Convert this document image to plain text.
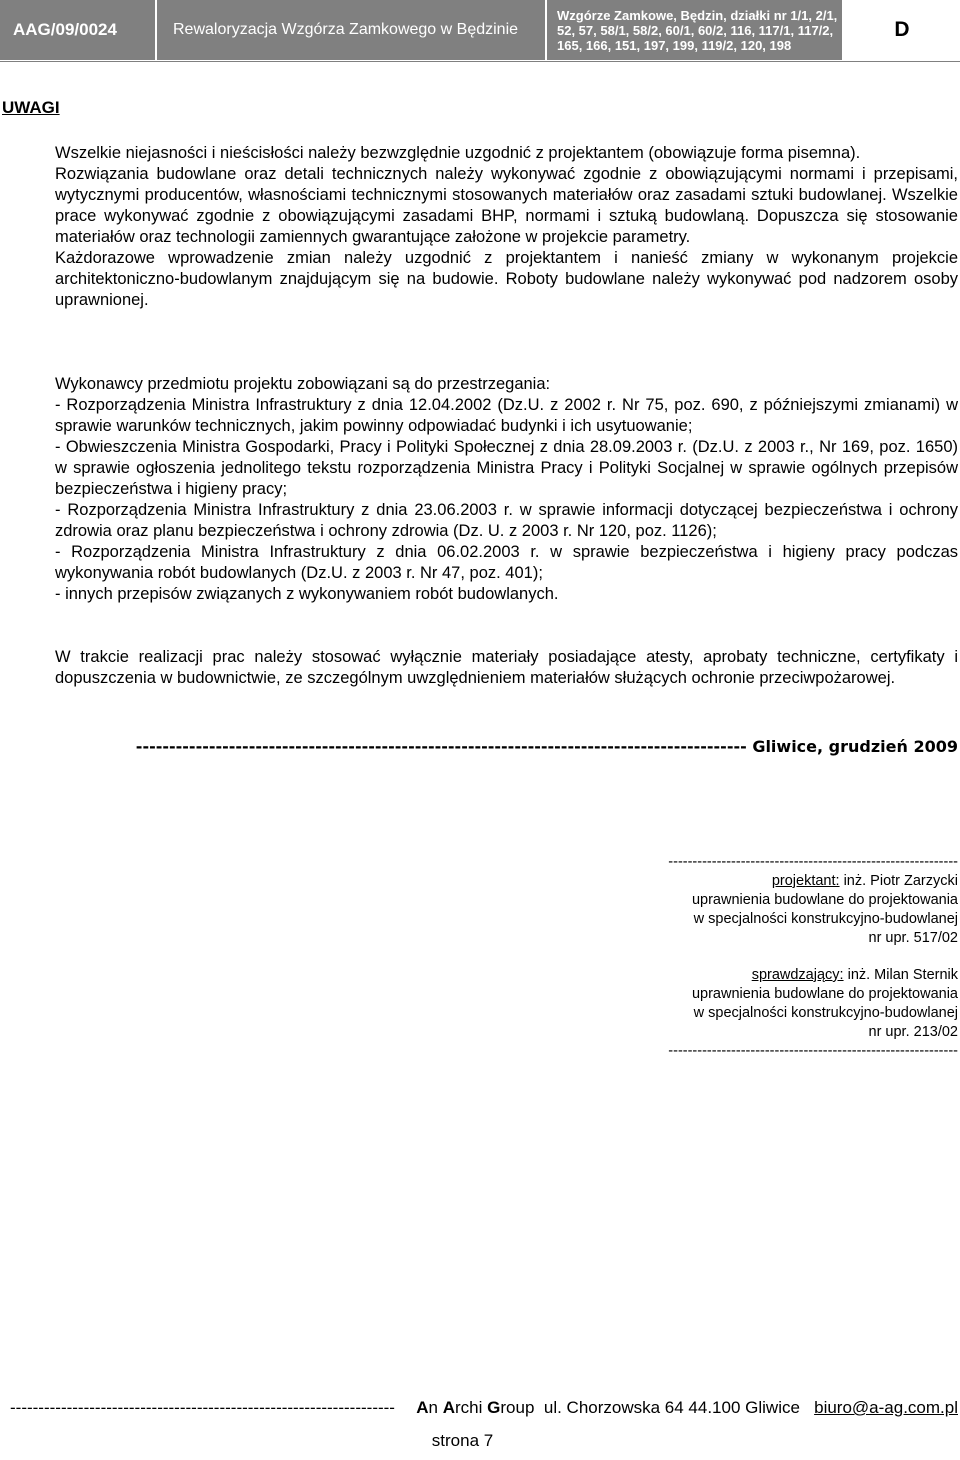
AAG/09/0024	Rewaloryzacja Wzgórza Zamkowego w Będzinie
Wzgórze Zamkowe, Będzin, działki nr 1/1, 2/1, 52, 57, 58/1, 58/2, 60/1, 60/2, 116, 117/1, 117/2, 165, 166, 151, 197, 199, 119/2, 120, 198
D
UWAGI

Wszelkie niejasności i nieścisłości należy bezwzględnie uzgodnić z projektantem (obowiązuje forma pisemna).

Rozwiązania budowlane oraz detali technicznych należy wykonywać zgodnie z obowiązującymi normami i przepisami, wytycznymi producentów, własnościami technicznymi stosowanych materiałów oraz zasadami sztuki budowlanej. Wszelkie prace wykonywać zgodnie z obowiązującymi zasadami BHP, normami i sztuką budowlaną. Dopuszcza się stosowanie materiałów oraz technologii zamiennych gwarantujące założone w projekcie parametry.

Każdorazowe wprowadzenie zmian należy uzgodnić z projektantem i nanieść zmiany w wykonanym projekcie architektoniczno-budowlanym znajdującym się na budowie. Roboty budowlane należy wykonywać pod nadzorem osoby uprawnionej.

Wykonawcy przedmiotu projektu zobowiązani są do przestrzegania:

- Rozporządzenia Ministra Infrastruktury z dnia 12.04.2002 (Dz.U. z 2002 r. Nr 75, poz. 690, z późniejszymi zmianami) w sprawie warunków technicznych, jakim powinny odpowiadać budynki i ich usytuowanie;

- Obwieszczenia Ministra Gospodarki, Pracy i Polityki Społecznej z dnia 28.09.2003 r. (Dz.U. z 2003 r., Nr 169, poz. 1650) w sprawie ogłoszenia jednolitego tekstu rozporządzenia Ministra Pracy i Polityki Socjalnej w sprawie ogólnych przepisów bezpieczeństwa i higieny pracy;

- Rozporządzenia Ministra Infrastruktury z dnia 23.06.2003 r. w sprawie informacji dotyczącej bezpieczeństwa i ochrony zdrowia oraz planu bezpieczeństwa i ochrony zdrowia (Dz. U. z 2003 r. Nr 120, poz. 1126);

- Rozporządzenia Ministra Infrastruktury z dnia 06.02.2003 r. w sprawie bezpieczeństwa i higieny pracy podczas wykonywania robót budowlanych (Dz.U. z 2003 r. Nr 47, poz. 401);

- innych przepisów związanych z wykonywaniem robót budowlanych.

W trakcie realizacji prac należy stosować wyłącznie materiały posiadające atesty, aprobaty techniczne, certyfikaty i dopuszczenia w budownictwie, ze szczególnym uwzględnieniem materiałów służących ochronie przeciwpożarowej.

-------------------------------------------------------------------------------------------- Gliwice, grudzień 2009
------------------------------------------------------------
projektant: inż. Piotr Zarzycki
uprawnienia budowlane do projektowania
w specjalności konstrukcyjno-budowlanej
nr upr. 517/02
sprawdzający: inż. Milan Sternik
uprawnienia budowlane do projektowania
w specjalności konstrukcyjno-budowlanej
nr upr. 213/02
------------------------------------------------------------
--------------------------------------------------------------------	An Archi Group ul. Chorzowska 64 44.100 Gliwice biuro@a-ag.com.pl
strona 7
